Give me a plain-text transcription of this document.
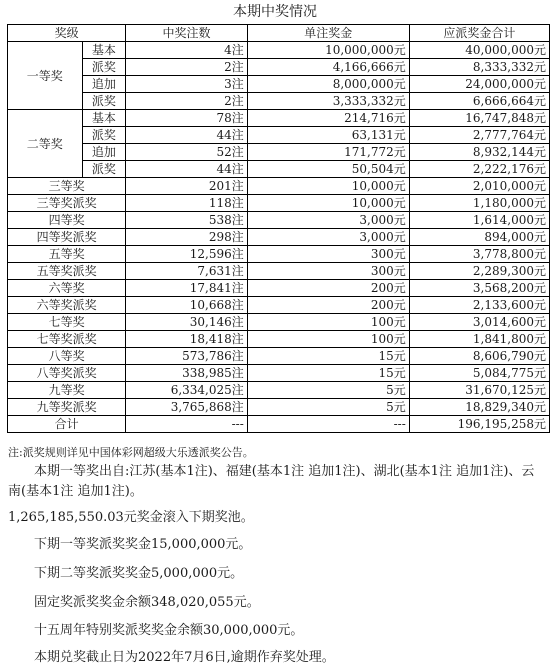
本期中奖情况
奖级		中奖注数	单注奖金	应派奖金合计
一等奖	基本	4注	10,000,000元	40,000,000元
	派奖	2注	4,166,666元	8,333,332元
	追加	3注	8,000,000元	24,000,000元
	派奖	2注	3,333,332元	6,666,664元
二等奖	基本	78注	214,716元	16,747,848元
	派奖	44注	63,131元	2,777,764元
	追加	52注	171,772元	8,932,144元
	派奖	44注	50,504元	2,222,176元
三等奖		201注	10,000元	2,010,000元
三等奖派奖		118注	10,000元	1,180,000元
四等奖		538注	3,000元	1,614,000元
四等奖派奖		298注	3,000元	894,000元
五等奖		12,596注	300元	3,778,800元
五等奖派奖		7,631注	300元	2,289,300元
六等奖		17,841注	200元	3,568,200元
六等奖派奖		10,668注	200元	2,133,600元
七等奖		30,146注	100元	3,014,600元
七等奖派奖		18,418注	100元	1,841,800元
八等奖		573,786注	15元	8,606,790元
八等奖派奖		338,985注	15元	5,084,775元
九等奖		6,334,025注	5元	31,670,125元
九等奖派奖		3,765,868注	5元	18,829,340元
合计		---	---	196,195,258元
注:派奖规则详见中国体彩网超级大乐透派奖公告。
本期一等奖出自:江苏(基本1注)、福建(基本1注 追加1注)、湖北(基本1注 追加1注)、云南(基本1注 追加1注)。
1,265,185,550.03元奖金滚入下期奖池。
下期一等奖派奖奖金15,000,000元。
下期二等奖派奖奖金5,000,000元。
固定奖派奖奖金余额348,020,055元。
十五周年特别奖派奖奖金余额30,000,000元。
本期兑奖截止日为2022年7月6日,逾期作弃奖处理。
